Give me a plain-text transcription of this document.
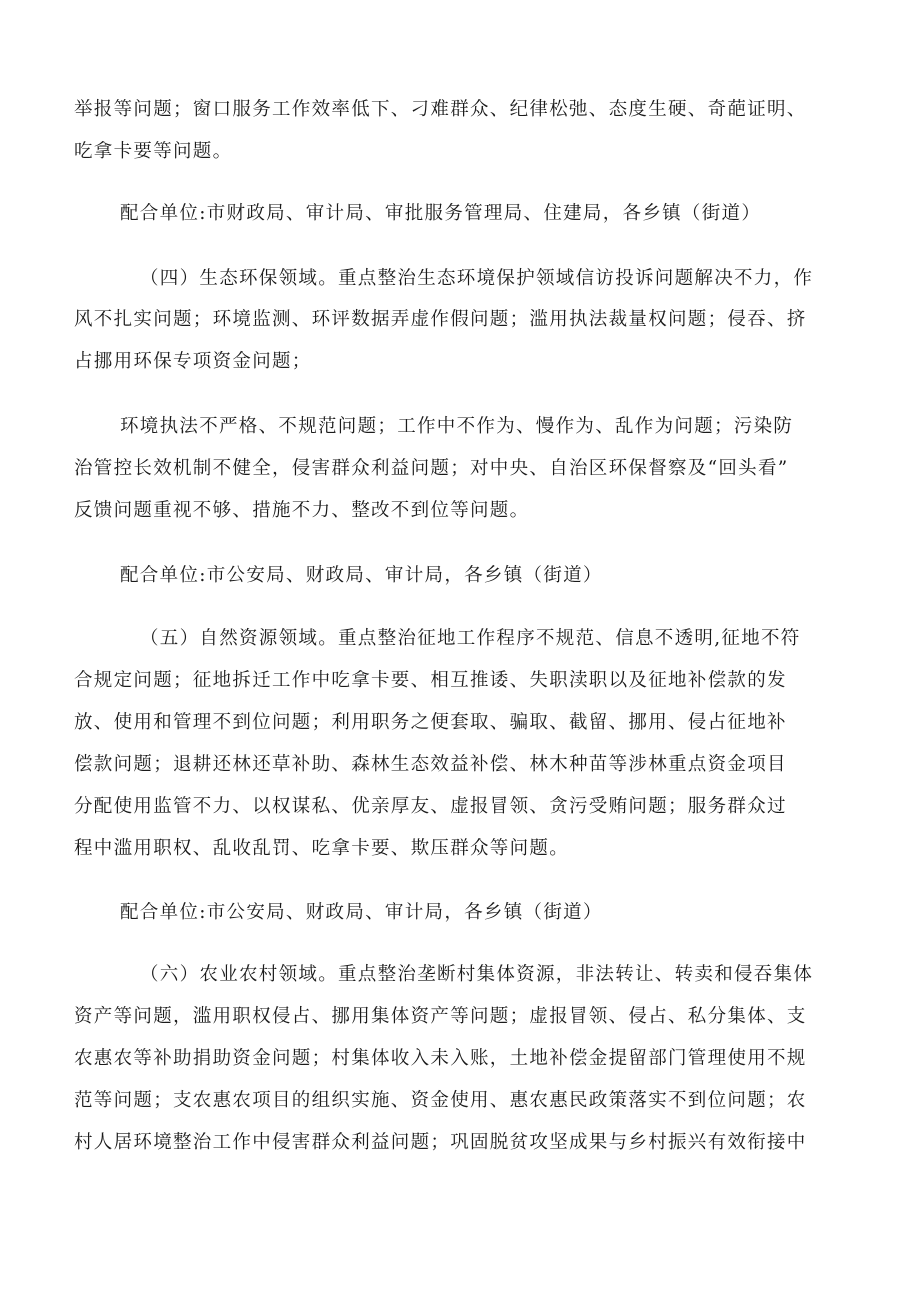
举报等问题；窗口服务工作效率低下、刁难群众、纪律松弛、态度生硬、奇葩证明、
吃拿卡要等问题。
配合单位:市财政局、审计局、审批服务管理局、住建局，各乡镇（街道）
（四）生态环保领域。重点整治生态环境保护领域信访投诉问题解决不力，作
风不扎实问题；环境监测、环评数据弄虚作假问题；滥用执法裁量权问题；侵吞、挤
占挪用环保专项资金问题；
环境执法不严格、不规范问题；工作中不作为、慢作为、乱作为问题；污染防
治管控长效机制不健全，侵害群众利益问题；对中央、自治区环保督察及“回头看”
反馈问题重视不够、措施不力、整改不到位等问题。
配合单位:市公安局、财政局、审计局，各乡镇（街道）
（五）自然资源领域。重点整治征地工作程序不规范、信息不透明,征地不符
合规定问题；征地拆迁工作中吃拿卡要、相互推诿、失职渎职以及征地补偿款的发
放、使用和管理不到位问题；利用职务之便套取、骗取、截留、挪用、侵占征地补
偿款问题；退耕还林还草补助、森林生态效益补偿、林木种苗等涉林重点资金项目
分配使用监管不力、以权谋私、优亲厚友、虚报冒领、贪污受贿问题；服务群众过
程中滥用职权、乱收乱罚、吃拿卡要、欺压群众等问题。
配合单位:市公安局、财政局、审计局，各乡镇（街道）
（六）农业农村领域。重点整治垄断村集体资源，非法转让、转卖和侵吞集体
资产等问题，滥用职权侵占、挪用集体资产等问题；虚报冒领、侵占、私分集体、支
农惠农等补助捐助资金问题；村集体收入未入账，土地补偿金提留部门管理使用不规
范等问题；支农惠农项目的组织实施、资金使用、惠农惠民政策落实不到位问题；农
村人居环境整治工作中侵害群众利益问题；巩固脱贫攻坚成果与乡村振兴有效衔接中
